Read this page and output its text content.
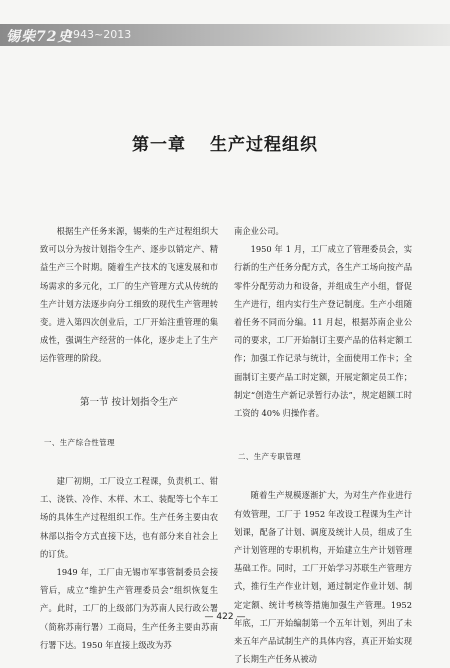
锡柴72史
1943~2013
第一章 生产过程组织

根据生产任务来源，锡柴的生产过程组织大致可以分为按计划指令生产、逐步以销定产、精益生产三个时期。随着生产技术的飞速发展和市场需求的多元化，工厂的生产管理方式从传统的生产计划方法逐步向分工细致的现代生产管理转变。进入第四次创业后，工厂开始注重管理的集成性，强调生产经营的一体化，逐步走上了生产运作管理的阶段。

第一节 按计划指令生产
一、生产综合性管理

建厂初期，工厂设立工程课，负责机工、钳工、浇铁、冷作、木样、木工、装配等七个车工场的具体生产过程组织工作。生产任务主要由农林部以指令方式直接下达，也有部分来自社会上的订货。

1949 年，工厂由无锡市军事管制委员会接管后，成立“维护生产管理委员会”组织恢复生产。此时，工厂的上级部门为苏南人民行政公署（简称苏南行署）工商局，生产任务主要由苏南行署下达。1950 年直接上级改为苏

南企业公司。

1950 年 1 月，工厂成立了管理委员会，实行新的生产任务分配方式，各生产工场向按产品零件分配劳动力和设备，并组成生产小组，督促生产进行，组内实行生产登记制度。生产小组随着任务不同而分编。11 月起，根据苏南企业公司的要求，工厂开始制订主要产品的估料定额工作；加强工作记录与统计，全面使用工作卡；全面制订主要产品工时定额，开展定额定员工作；制定“创造生产新记录暂行办法”，规定超额工时工资的 40% 归操作者。

二、生产专职管理

随着生产规模逐渐扩大，为对生产作业进行有效管理，工厂于 1952 年改设工程课为生产计划课，配备了计划、调度及统计人员，组成了生产计划管理的专职机构，开始建立生产计划管理基础工作。同时，工厂开始学习苏联生产管理方式，推行生产作业计划，通过制定作业计划、制定定额、统计考核等措施加强生产管理。1952 年底，工厂开始编制第一个五年计划，列出了未来五年产品试制生产的具体内容，真正开始实现了长期生产任务从被动

— 422 —
